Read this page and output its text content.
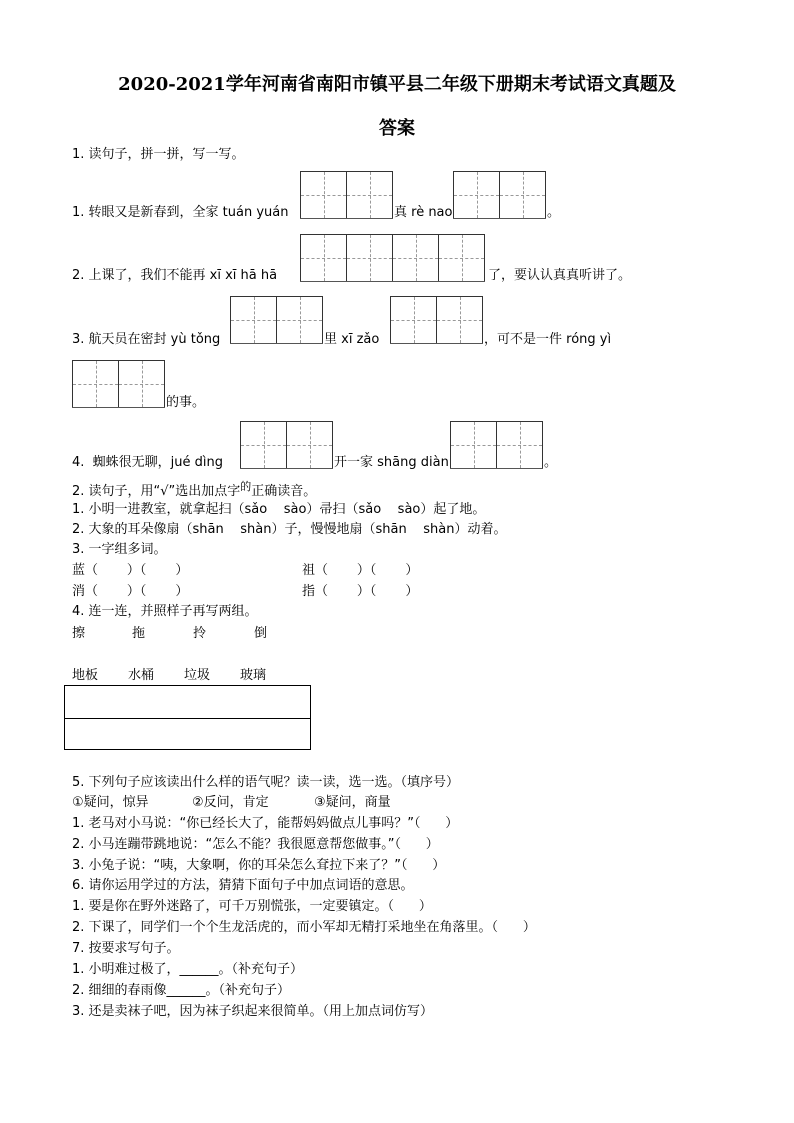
2020-2021学年河南省南阳市镇平县二年级下册期末考试语文真题及
答案
1. 读句子，拼一拼，写一写。
1. 转眼又是新春到，全家 tuán yuán	真 rè nao	。
2. 上课了，我们不能再 xī xī hā hā	了，要认认真真听讲了。
3. 航天员在密封 yù tǒng	里 xī zǎo	，可不是一件 róng yì
的事。
4.  蜘蛛很无聊，jué dìng	开一家 shāng diàn	。
2. 读句子，用“√”选出加点字$^的$正确读音。
1. 小明一进教室，就拿起扫（sǎo    sào）帚扫（sǎo    sào）起了地。
2. 大象的耳朵像扇（shān    shàn）子，慢慢地扇（shān    shàn）动着。
3. 一字组多词。
蓝（       ）（       ）	祖（       ）（       ）
消（       ）（       ）	指（       ）（       ）
4. 连一连，并照样子再写两组。
擦	拖	拎	倒
地板 水桶 垃圾 玻璃
5. 下列句子应该读出什么样的语气呢？读一读，选一选。（填序号）
①疑问，惊异	②反问，肯定	③疑问，商量
1. 老马对小马说：“你已经长大了，能帮妈妈做点儿事吗？”（      ）
2. 小马连蹦带跳地说：“怎么不能？我很愿意帮您做事。”（      ）
3. 小兔子说：“咦，大象啊，你的耳朵怎么耷拉下来了？”（      ）
6. 请你运用学过的方法，猜猜下面句子中加点词语的意思。
1. 要是你在野外迷路了，可千万别慌张，一定要镇定。（      ）
2. 下课了，同学们一个个生龙活虎的，而小军却无精打采地坐在角落里。（      ）
7. 按要求写句子。
1. 小明难过极了，______。（补充句子）
2. 细细的春雨像______。（补充句子）
3. 还是卖袜子吧，因为袜子织起来很简单。（用上加点词仿写）
